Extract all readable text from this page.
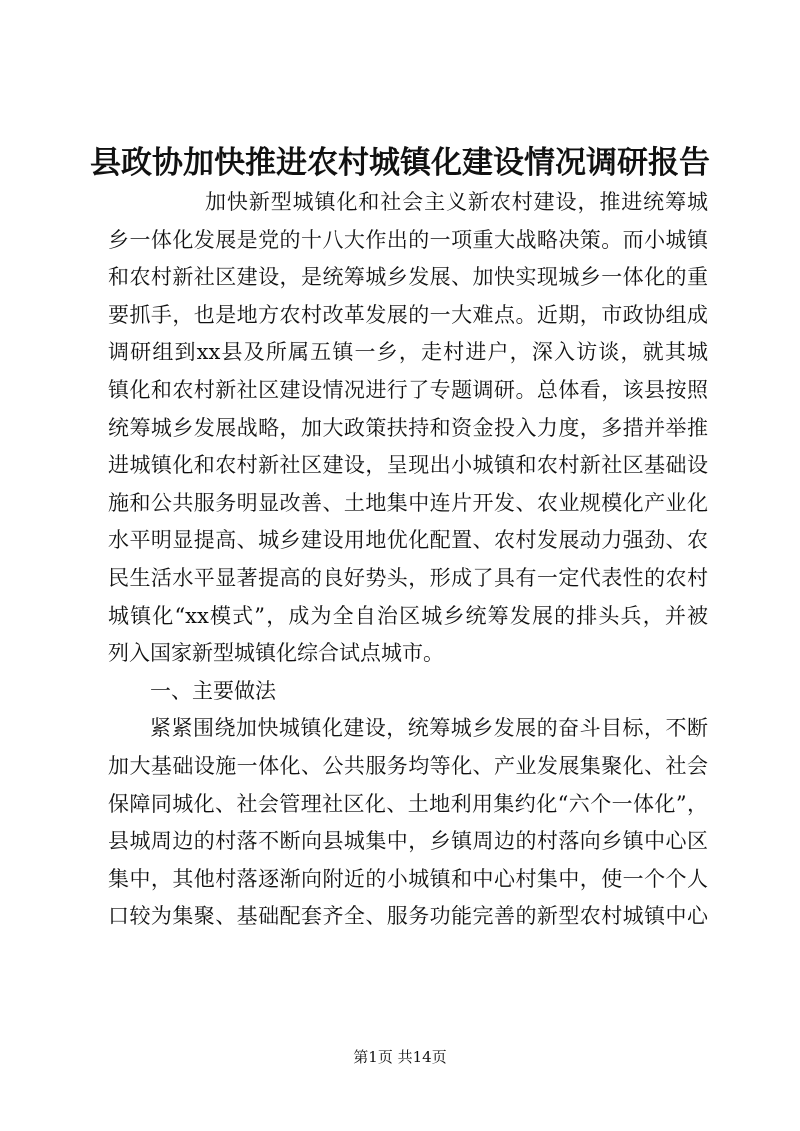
县政协加快推进农村城镇化建设情况调研报告
加快新型城镇化和社会主义新农村建设，推进统筹城
乡一体化发展是党的十八大作出的一项重大战略决策。而小城镇
和农村新社区建设，是统筹城乡发展、加快实现城乡一体化的重
要抓手，也是地方农村改革发展的一大难点。近期，市政协组成
调研组到xx县及所属五镇一乡，走村进户，深入访谈，就其城
镇化和农村新社区建设情况进行了专题调研。总体看，该县按照
统筹城乡发展战略，加大政策扶持和资金投入力度，多措并举推
进城镇化和农村新社区建设，呈现出小城镇和农村新社区基础设
施和公共服务明显改善、土地集中连片开发、农业规模化产业化
水平明显提高、城乡建设用地优化配置、农村发展动力强劲、农
民生活水平显著提高的良好势头，形成了具有一定代表性的农村
城镇化“xx模式”，成为全自治区城乡统筹发展的排头兵，并被
列入国家新型城镇化综合试点城市。
一、主要做法
紧紧围绕加快城镇化建设，统筹城乡发展的奋斗目标，不断
加大基础设施一体化、公共服务均等化、产业发展集聚化、社会
保障同城化、社会管理社区化、土地利用集约化“六个一体化”，
县城周边的村落不断向县城集中，乡镇周边的村落向乡镇中心区
集中，其他村落逐渐向附近的小城镇和中心村集中，使一个个人
口较为集聚、基础配套齐全、服务功能完善的新型农村城镇中心
第1页 共14页
